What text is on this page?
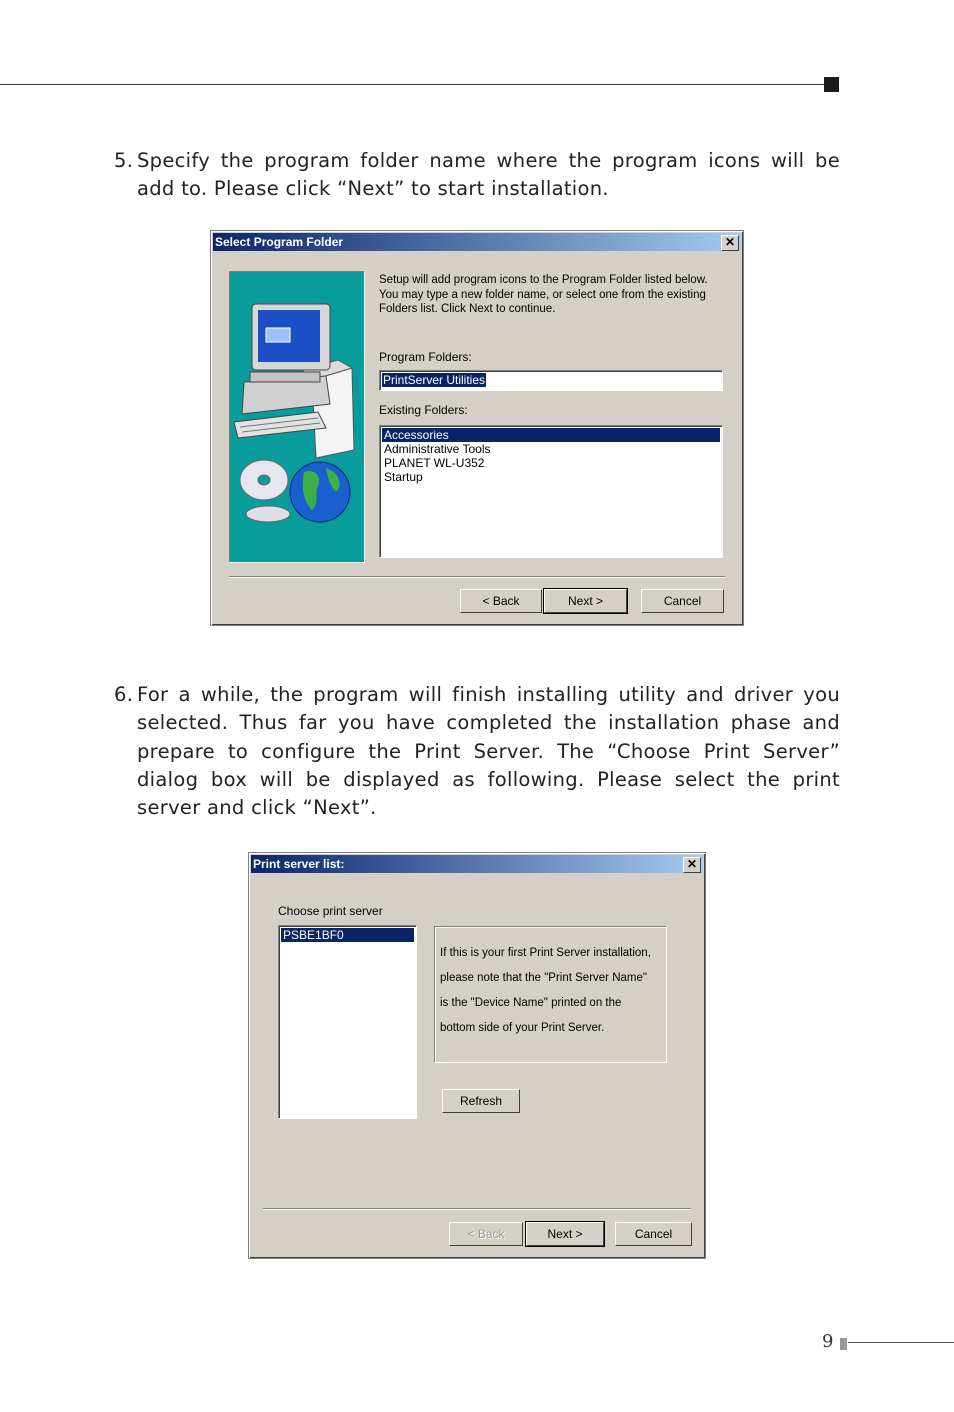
5. Specify the program folder name where the program icons will be add to. Please click “Next” to start installation.
Select Program Folder	✕
Setup will add program icons to the Program Folder listed below. You may type a new folder name, or select one from the existing Folders list. Click Next to continue.
Program Folders:
PrintServer Utilities
Existing Folders:
Accessories
Administrative Tools
PLANET WL-U352
Startup
< Back	Next >	Cancel
6. For a while, the program will finish installing utility and driver you selected. Thus far you have completed the installation phase and prepare to configure the Print Server. The “Choose Print Server” dialog box will be displayed as following. Please select the print server and click “Next”.
Print server list:	✕
Choose print server
PSBE1BF0
If this is your first Print Server installation,
please note that the "Print Server Name"
is the "Device Name" printed on the
bottom side of your Print Server.
Refresh
< Back	Next >	Cancel
9
